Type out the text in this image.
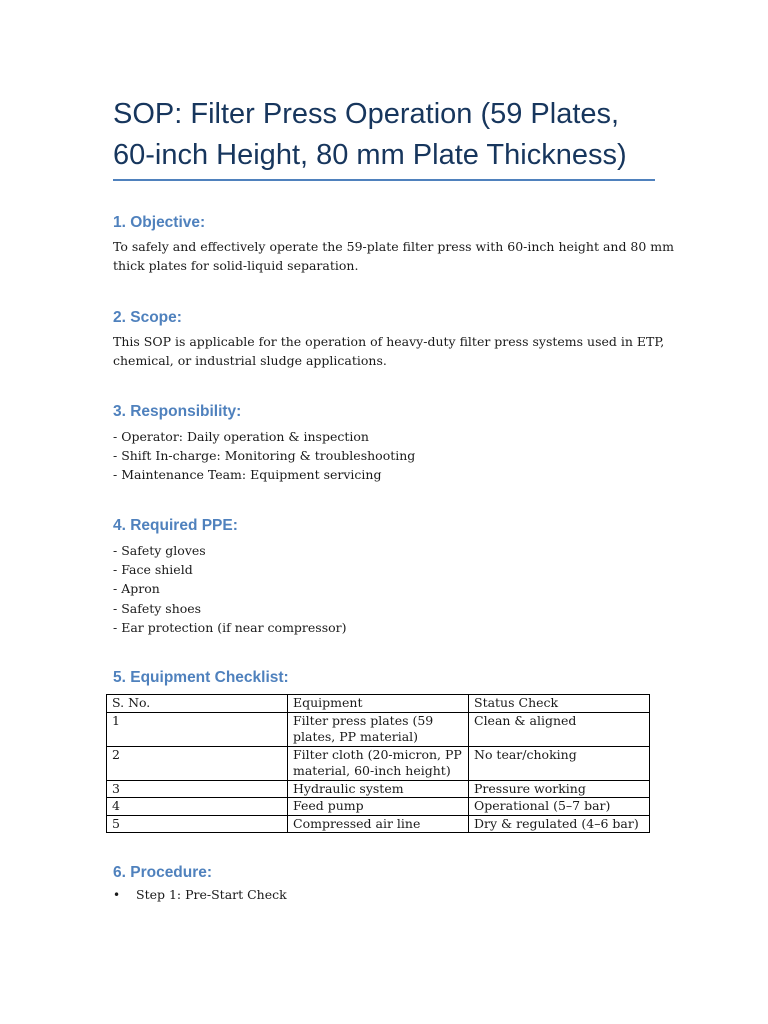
SOP: Filter Press Operation (59 Plates,
60-inch Height, 80 mm Plate Thickness)
1. Objective:
To safely and effectively operate the 59-plate filter press with 60-inch height and 80 mm
thick plates for solid-liquid separation.
2. Scope:
This SOP is applicable for the operation of heavy-duty filter press systems used in ETP,
chemical, or industrial sludge applications.
3. Responsibility:
- Operator: Daily operation & inspection
- Shift In-charge: Monitoring & troubleshooting
- Maintenance Team: Equipment servicing
4. Required PPE:
- Safety gloves
- Face shield
- Apron
- Safety shoes
- Ear protection (if near compressor)
5. Equipment Checklist:
S. No.	Equipment	Status Check
1	Filter press plates (59 plates, PP material)	Clean & aligned
2	Filter cloth (20-micron, PP material, 60-inch height)	No tear/choking
3	Hydraulic system	Pressure working
4	Feed pump	Operational (5–7 bar)
5	Compressed air line	Dry & regulated (4–6 bar)
6. Procedure:
• Step 1: Pre-Start Check
